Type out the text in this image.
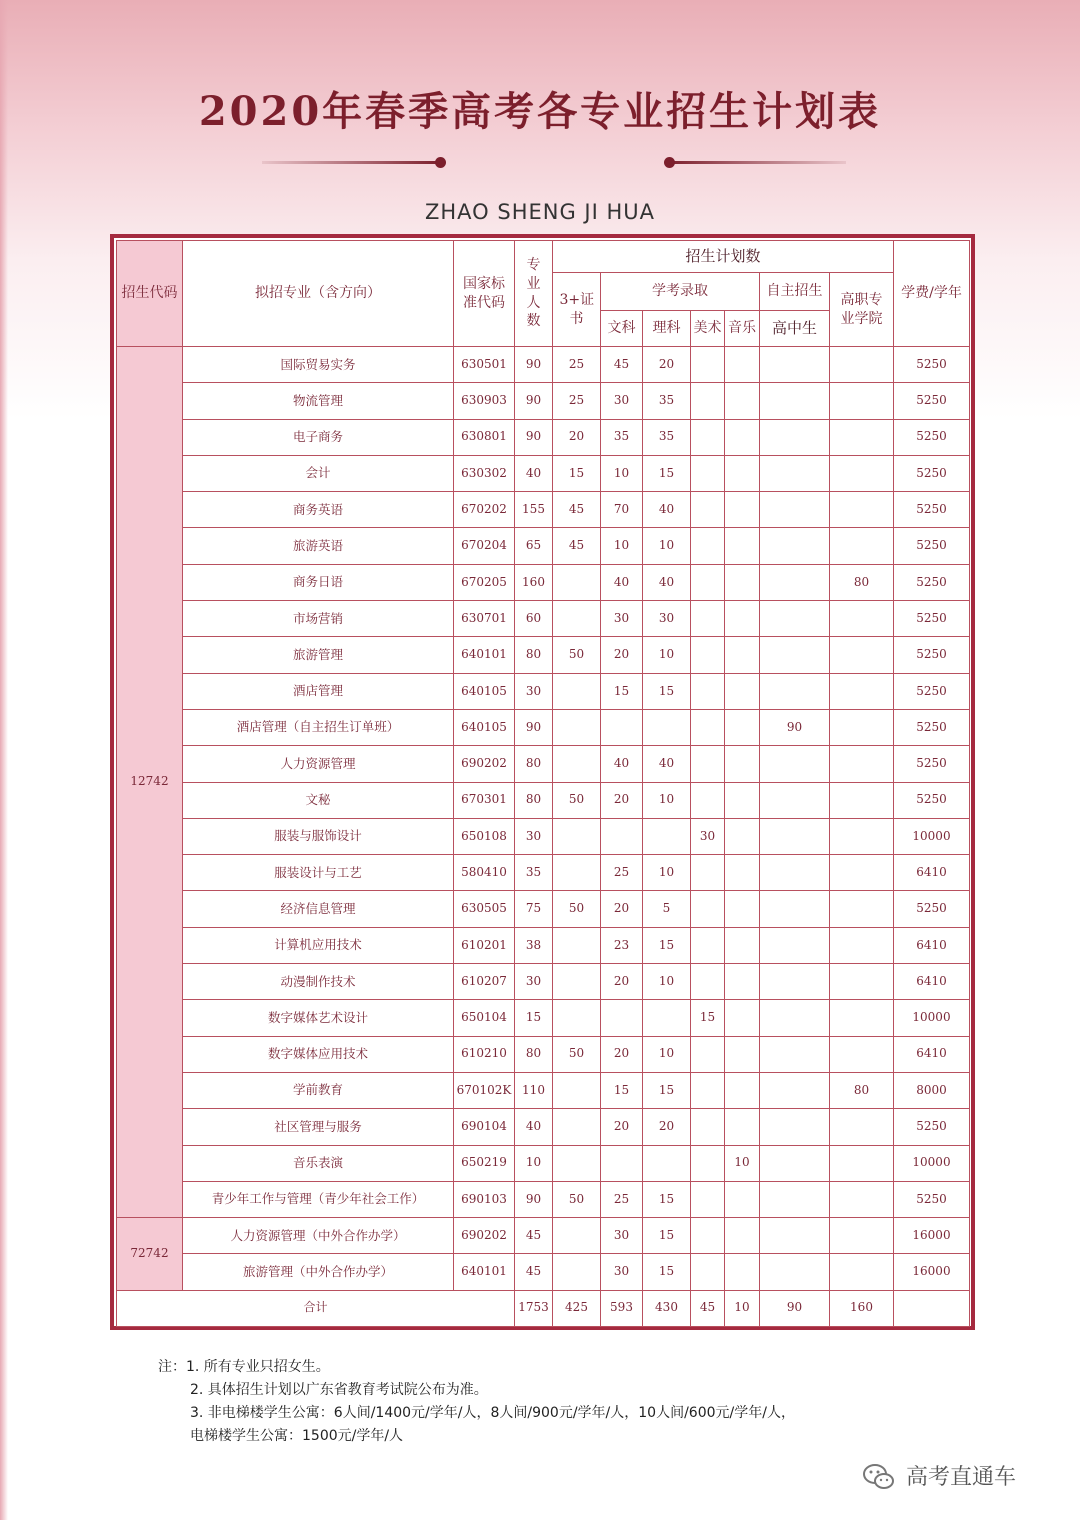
2020年春季高考各专业招生计划表
ZHAO SHENG JI HUA
招生代码	拟招专业（含方向）	国家标准代码	专业人数	招生计划数							学费/学年
				3+证书	学考录取				自主招生	高职专业学院	
					文科	理科	美术	音乐	高中生		
12742	国际贸易实务	630501	90	25	45	20					5250
	物流管理	630903	90	25	30	35					5250
	电子商务	630801	90	20	35	35					5250
	会计	630302	40	15	10	15					5250
	商务英语	670202	155	45	70	40					5250
	旅游英语	670204	65	45	10	10					5250
	商务日语	670205	160		40	40				80	5250
	市场营销	630701	60		30	30					5250
	旅游管理	640101	80	50	20	10					5250
	酒店管理	640105	30		15	15					5250
	酒店管理（自主招生订单班）	640105	90						90		5250
	人力资源管理	690202	80		40	40					5250
	文秘	670301	80	50	20	10					5250
	服装与服饰设计	650108	30				30				10000
	服装设计与工艺	580410	35		25	10					6410
	经济信息管理	630505	75	50	20	5					5250
	计算机应用技术	610201	38		23	15					6410
	动漫制作技术	610207	30		20	10					6410
	数字媒体艺术设计	650104	15				15				10000
	数字媒体应用技术	610210	80	50	20	10					6410
	学前教育	670102K	110		15	15				80	8000
	社区管理与服务	690104	40		20	20					5250
	音乐表演	650219	10					10			10000
	青少年工作与管理（青少年社会工作）	690103	90	50	25	15					5250
72742	人力资源管理（中外合作办学）	690202	45		30	15					16000
	旅游管理（中外合作办学）	640101	45		30	15					16000
合计			1753	425	593	430	45	10	90	160	
注：1. 所有专业只招女生。
2. 具体招生计划以广东省教育考试院公布为准。
3. 非电梯楼学生公寓：6人间/1400元/学年/人，8人间/900元/学年/人，10人间/600元/学年/人，
电梯楼学生公寓：1500元/学年/人
高考直通车
